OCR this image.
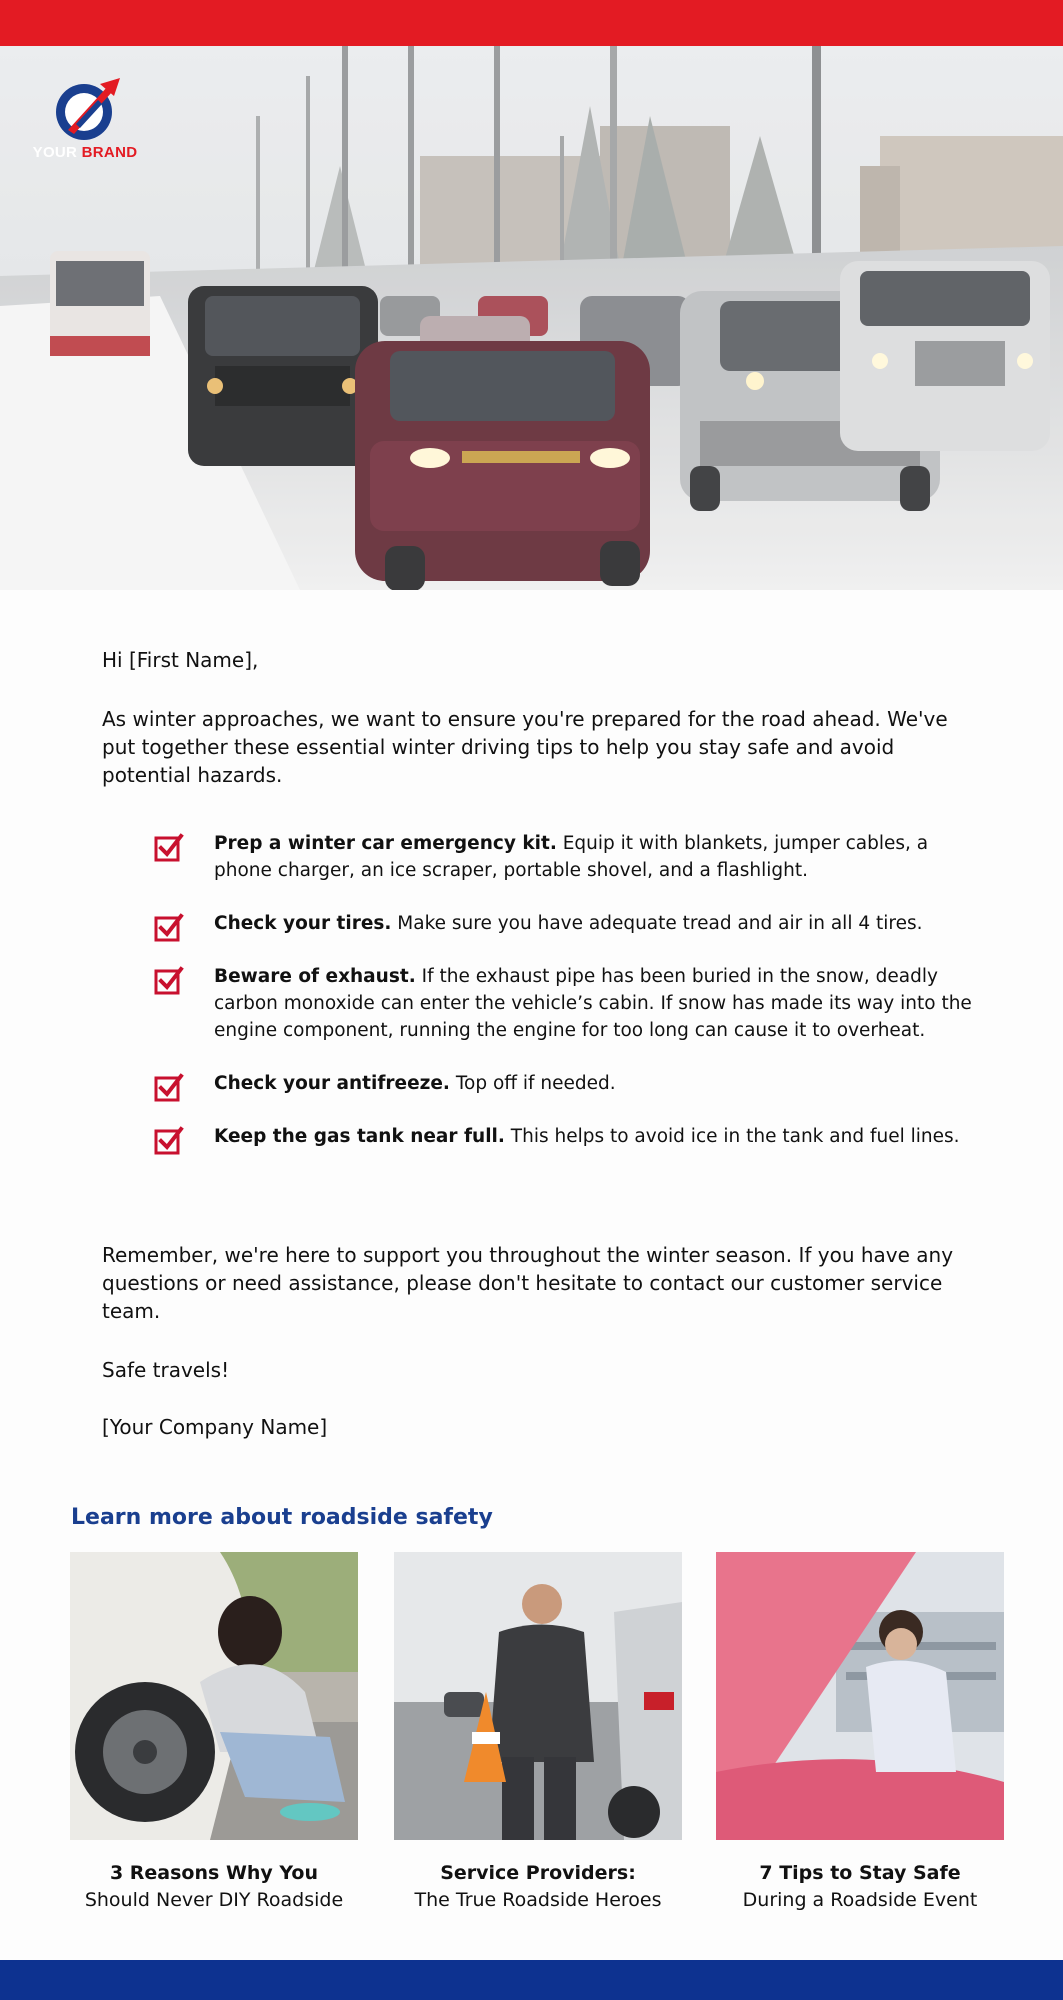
YOUR BRAND
Hi [First Name],
As winter approaches, we want to ensure you're prepared for the road ahead. We've put together these essential winter driving tips to help you stay safe and avoid potential hazards.
Prep a winter car emergency kit. Equip it with blankets, jumper cables, a phone charger, an ice scraper, portable shovel, and a flashlight.
Check your tires. Make sure you have adequate tread and air in all 4 tires.
Beware of exhaust. If the exhaust pipe has been buried in the snow, deadly carbon monoxide can enter the vehicle’s cabin. If snow has made its way into the engine component, running the engine for too long can cause it to overheat.
Check your antifreeze. Top off if needed.
Keep the gas tank near full. This helps to avoid ice in the tank and fuel lines.
Remember, we're here to support you throughout the winter season. If you have any questions or need assistance, please don't hesitate to contact our customer service team.
Safe travels!
[Your Company Name]
Learn more about roadside safety
3 Reasons Why You
Should Never DIY Roadside
Service Providers:
The True Roadside Heroes
7 Tips to Stay Safe
During a Roadside Event
